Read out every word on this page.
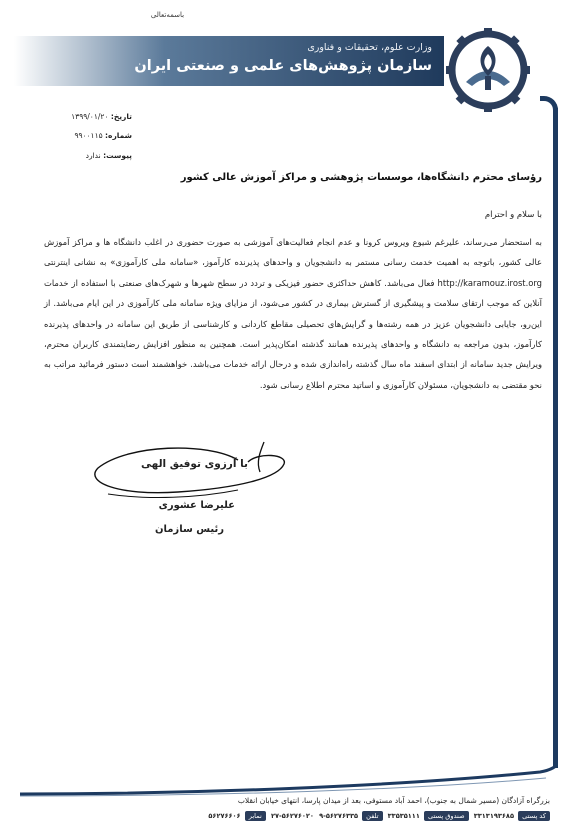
باسمه‌تعالی
وزارت علوم، تحقیقات و فناوری
سازمان پژوهش‌های علمی و صنعتی ایران
تاریخ: ۱۳۹۹/۰۱/۲۰
شماره: ۹۹۰۰۱۱۵
پیوست: ندارد
رؤسای محترم دانشگاه‌ها، موسسات پژوهشی و مراکز آموزش عالی کشور
با سلام و احترام

به استحضار می‌رساند، علیرغم شیوع ویروس کرونا و عدم انجام فعالیت‌های آموزشی به صورت حضوری در اغلب دانشگاه ها و مراکز آموزش عالی کشور، باتوجه به اهمیت خدمت رسانی مستمر به دانشجویان و واحدهای پذیرنده کارآموز، «سامانه ملی کارآموزی» به نشانی اینترنتی http://karamouz.irost.org فعال می‌باشد. کاهش حداکثری حضور فیزیکی و تردد در سطح شهرها و شهرک‌های صنعتی با استفاده از خدمات آنلاین که موجب ارتقای سلامت و پیشگیری از گسترش بیماری در کشور می‌شود، از مزایای ویژه سامانه ملی کارآموزی در این ایام می‌باشد. از این‌رو، جایابی دانشجویان عزیز در همه رشته‌ها و گرایش‌های تحصیلی مقاطع کاردانی و کارشناسی از طریق این سامانه در واحدهای پذیرنده کارآموز، بدون مراجعه به دانشگاه و واحدهای پذیرنده همانند گذشته امکان‌پذیر است. همچنین به منظور افزایش رضایتمندی کاربران محترم، ویرایش جدید سامانه از ابتدای اسفند ماه سال گذشته راه‌اندازی شده و درحال ارائه خدمات می‌باشد. خواهشمند است دستور فرمائید مراتب به نحو مقتضی به دانشجویان، مسئولان کارآموزی و اساتید محترم اطلاع رسانی شود.

با آرزوی توفیق الهی
علیرضا عشوری
رئیس سازمان
بزرگراه آزادگان (مسیر شمال به جنوب)، احمد آباد مستوفی، بعد از میدان پارسا، انتهای خیابان انقلاب
کد پستی ۳۳۱۳۱۹۳۶۸۵ صندوق پستی ۳۳۵۳۵۱۱۱ تلفن ۵۶۲۷۶۳۳۵-۹ ۵۶۲۷۶۰۲۰-۲۷ نمابر ۵۶۲۷۶۶۰۶
